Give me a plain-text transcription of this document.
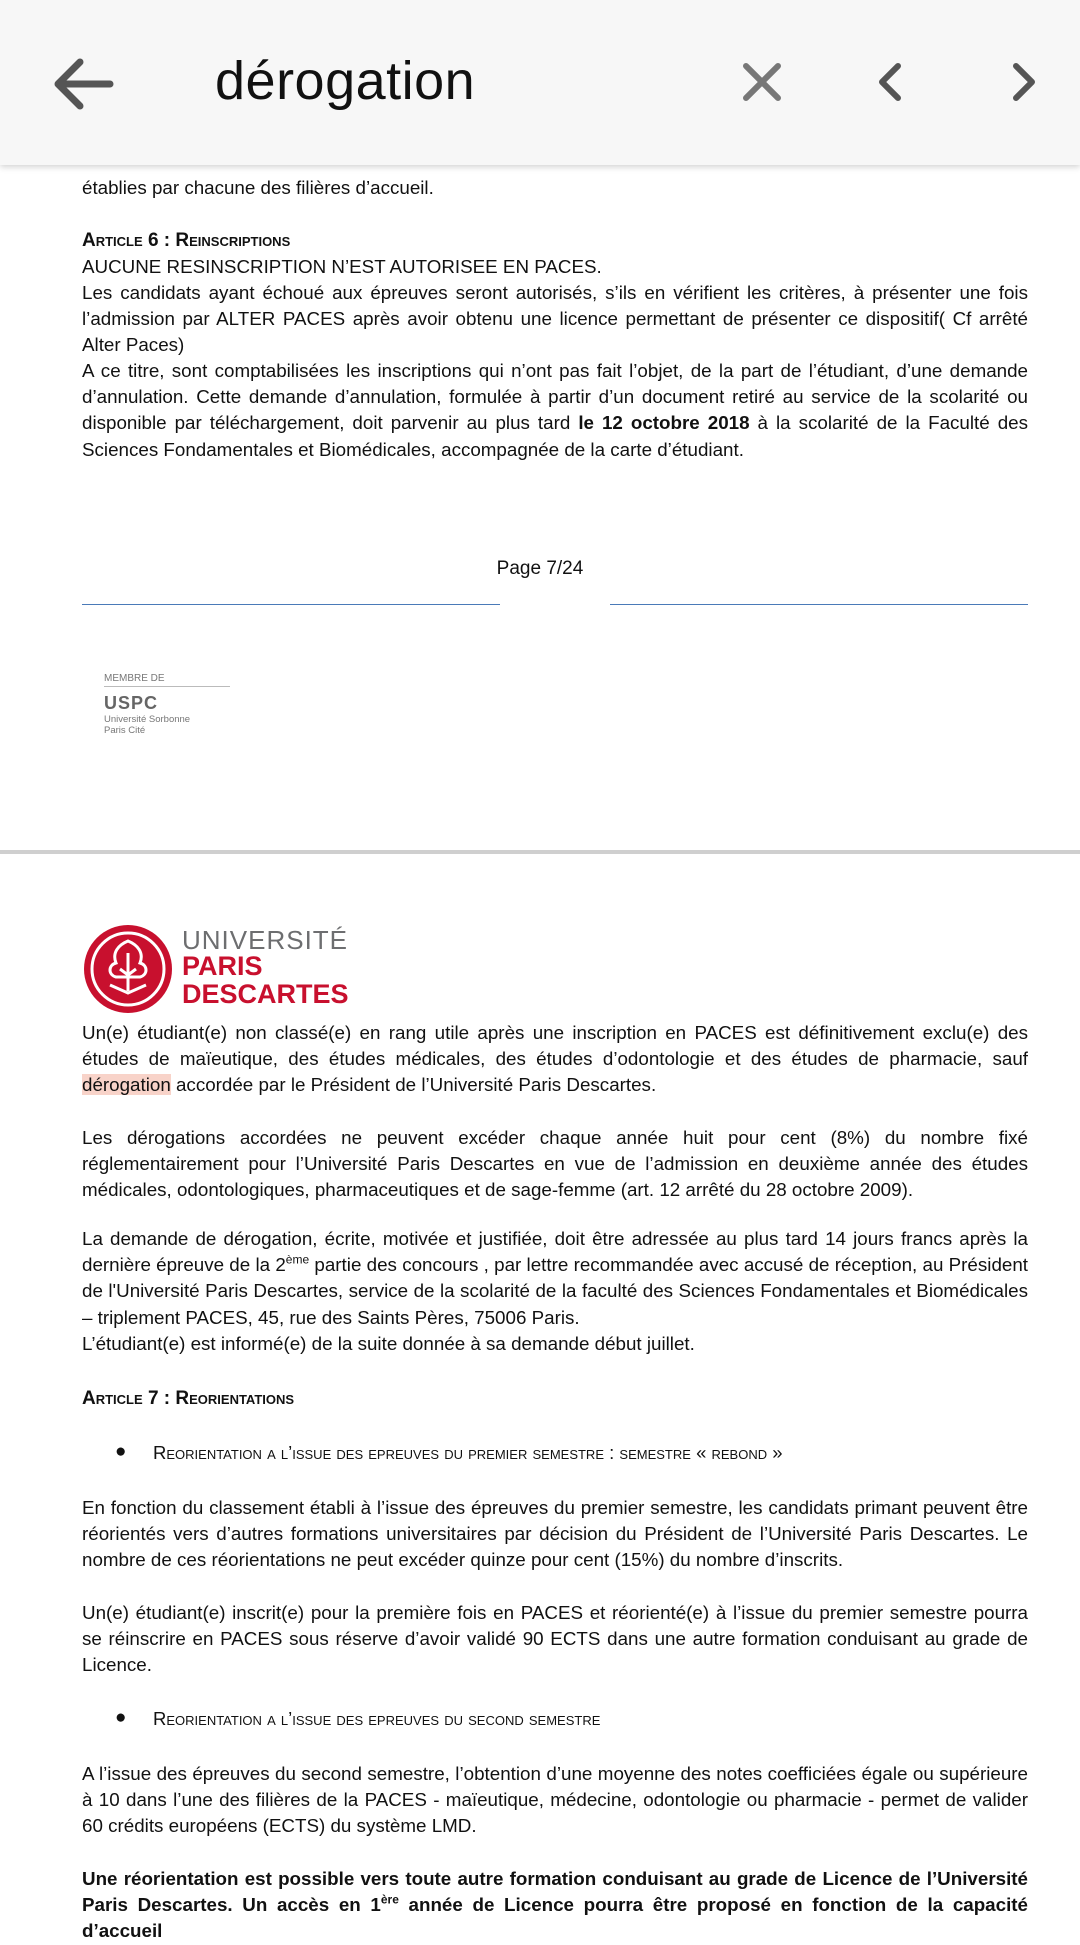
dérogation
établies par chacune des filières d’accueil.
Article 6 : Reinscriptions
AUCUNE RESINSCRIPTION N’EST AUTORISEE EN PACES.
Les candidats ayant échoué aux épreuves seront autorisés, s’ils en vérifient les critères, à présenter une fois l’admission par ALTER PACES après avoir obtenu une licence permettant de présenter ce dispositif( Cf arrêté Alter Paces)
A ce titre, sont comptabilisées les inscriptions qui n’ont pas fait l’objet, de la part de l’étudiant, d’une demande d’annulation. Cette demande d’annulation, formulée à partir d’un document retiré au service de la scolarité ou disponible par téléchargement, doit parvenir au plus tard le 12 octobre 2018 à la scolarité de la Faculté des Sciences Fondamentales et Biomédicales, accompagnée de la carte d’étudiant.
Page 7/24
MEMBRE DE
USPC
Université Sorbonne
Paris Cité
UNIVERSITÉ
PARIS
DESCARTES
Un(e) étudiant(e) non classé(e) en rang utile après une inscription en PACES est définitivement exclu(e) des études de maïeutique, des études médicales, des études d’odontologie et des études de pharmacie, sauf dérogation accordée par le Président de l’Université Paris Descartes.
Les dérogations accordées ne peuvent excéder chaque année huit pour cent (8%) du nombre fixé réglementairement pour l’Université Paris Descartes en vue de l’admission en deuxième année des études médicales, odontologiques, pharmaceutiques et de sage-femme (art. 12 arrêté du 28 octobre 2009).
La demande de dérogation, écrite, motivée et justifiée, doit être adressée au plus tard 14 jours francs après la dernière épreuve de la 2ème partie des concours , par lettre recommandée avec accusé de réception, au Président de l'Université Paris Descartes, service de la scolarité de la faculté des Sciences Fondamentales et Biomédicales – triplement PACES, 45, rue des Saints Pères, 75006 Paris.
L’étudiant(e) est informé(e) de la suite donnée à sa demande début juillet.
Article 7 : Reorientations
● Reorientation a l’issue des epreuves du premier semestre : semestre « rebond »
En fonction du classement établi à l’issue des épreuves du premier semestre, les candidats primant peuvent être réorientés vers d’autres formations universitaires par décision du Président de l’Université Paris Descartes. Le nombre de ces réorientations ne peut excéder quinze pour cent (15%) du nombre d’inscrits.
Un(e) étudiant(e) inscrit(e) pour la première fois en PACES et réorienté(e) à l’issue du premier semestre pourra se réinscrire en PACES sous réserve d’avoir validé 90 ECTS dans une autre formation conduisant au grade de Licence.
● Reorientation a l’issue des epreuves du second semestre
A l’issue des épreuves du second semestre, l’obtention d’une moyenne des notes coefficiées égale ou supérieure à 10 dans l’une des filières de la PACES - maïeutique, médecine, odontologie ou pharmacie - permet de valider 60 crédits européens (ECTS) du système LMD.
Une réorientation est possible vers toute autre formation conduisant au grade de Licence de l’Université Paris Descartes. Un accès en 1ère année de Licence pourra être proposé en fonction de la capacité d’accueil
